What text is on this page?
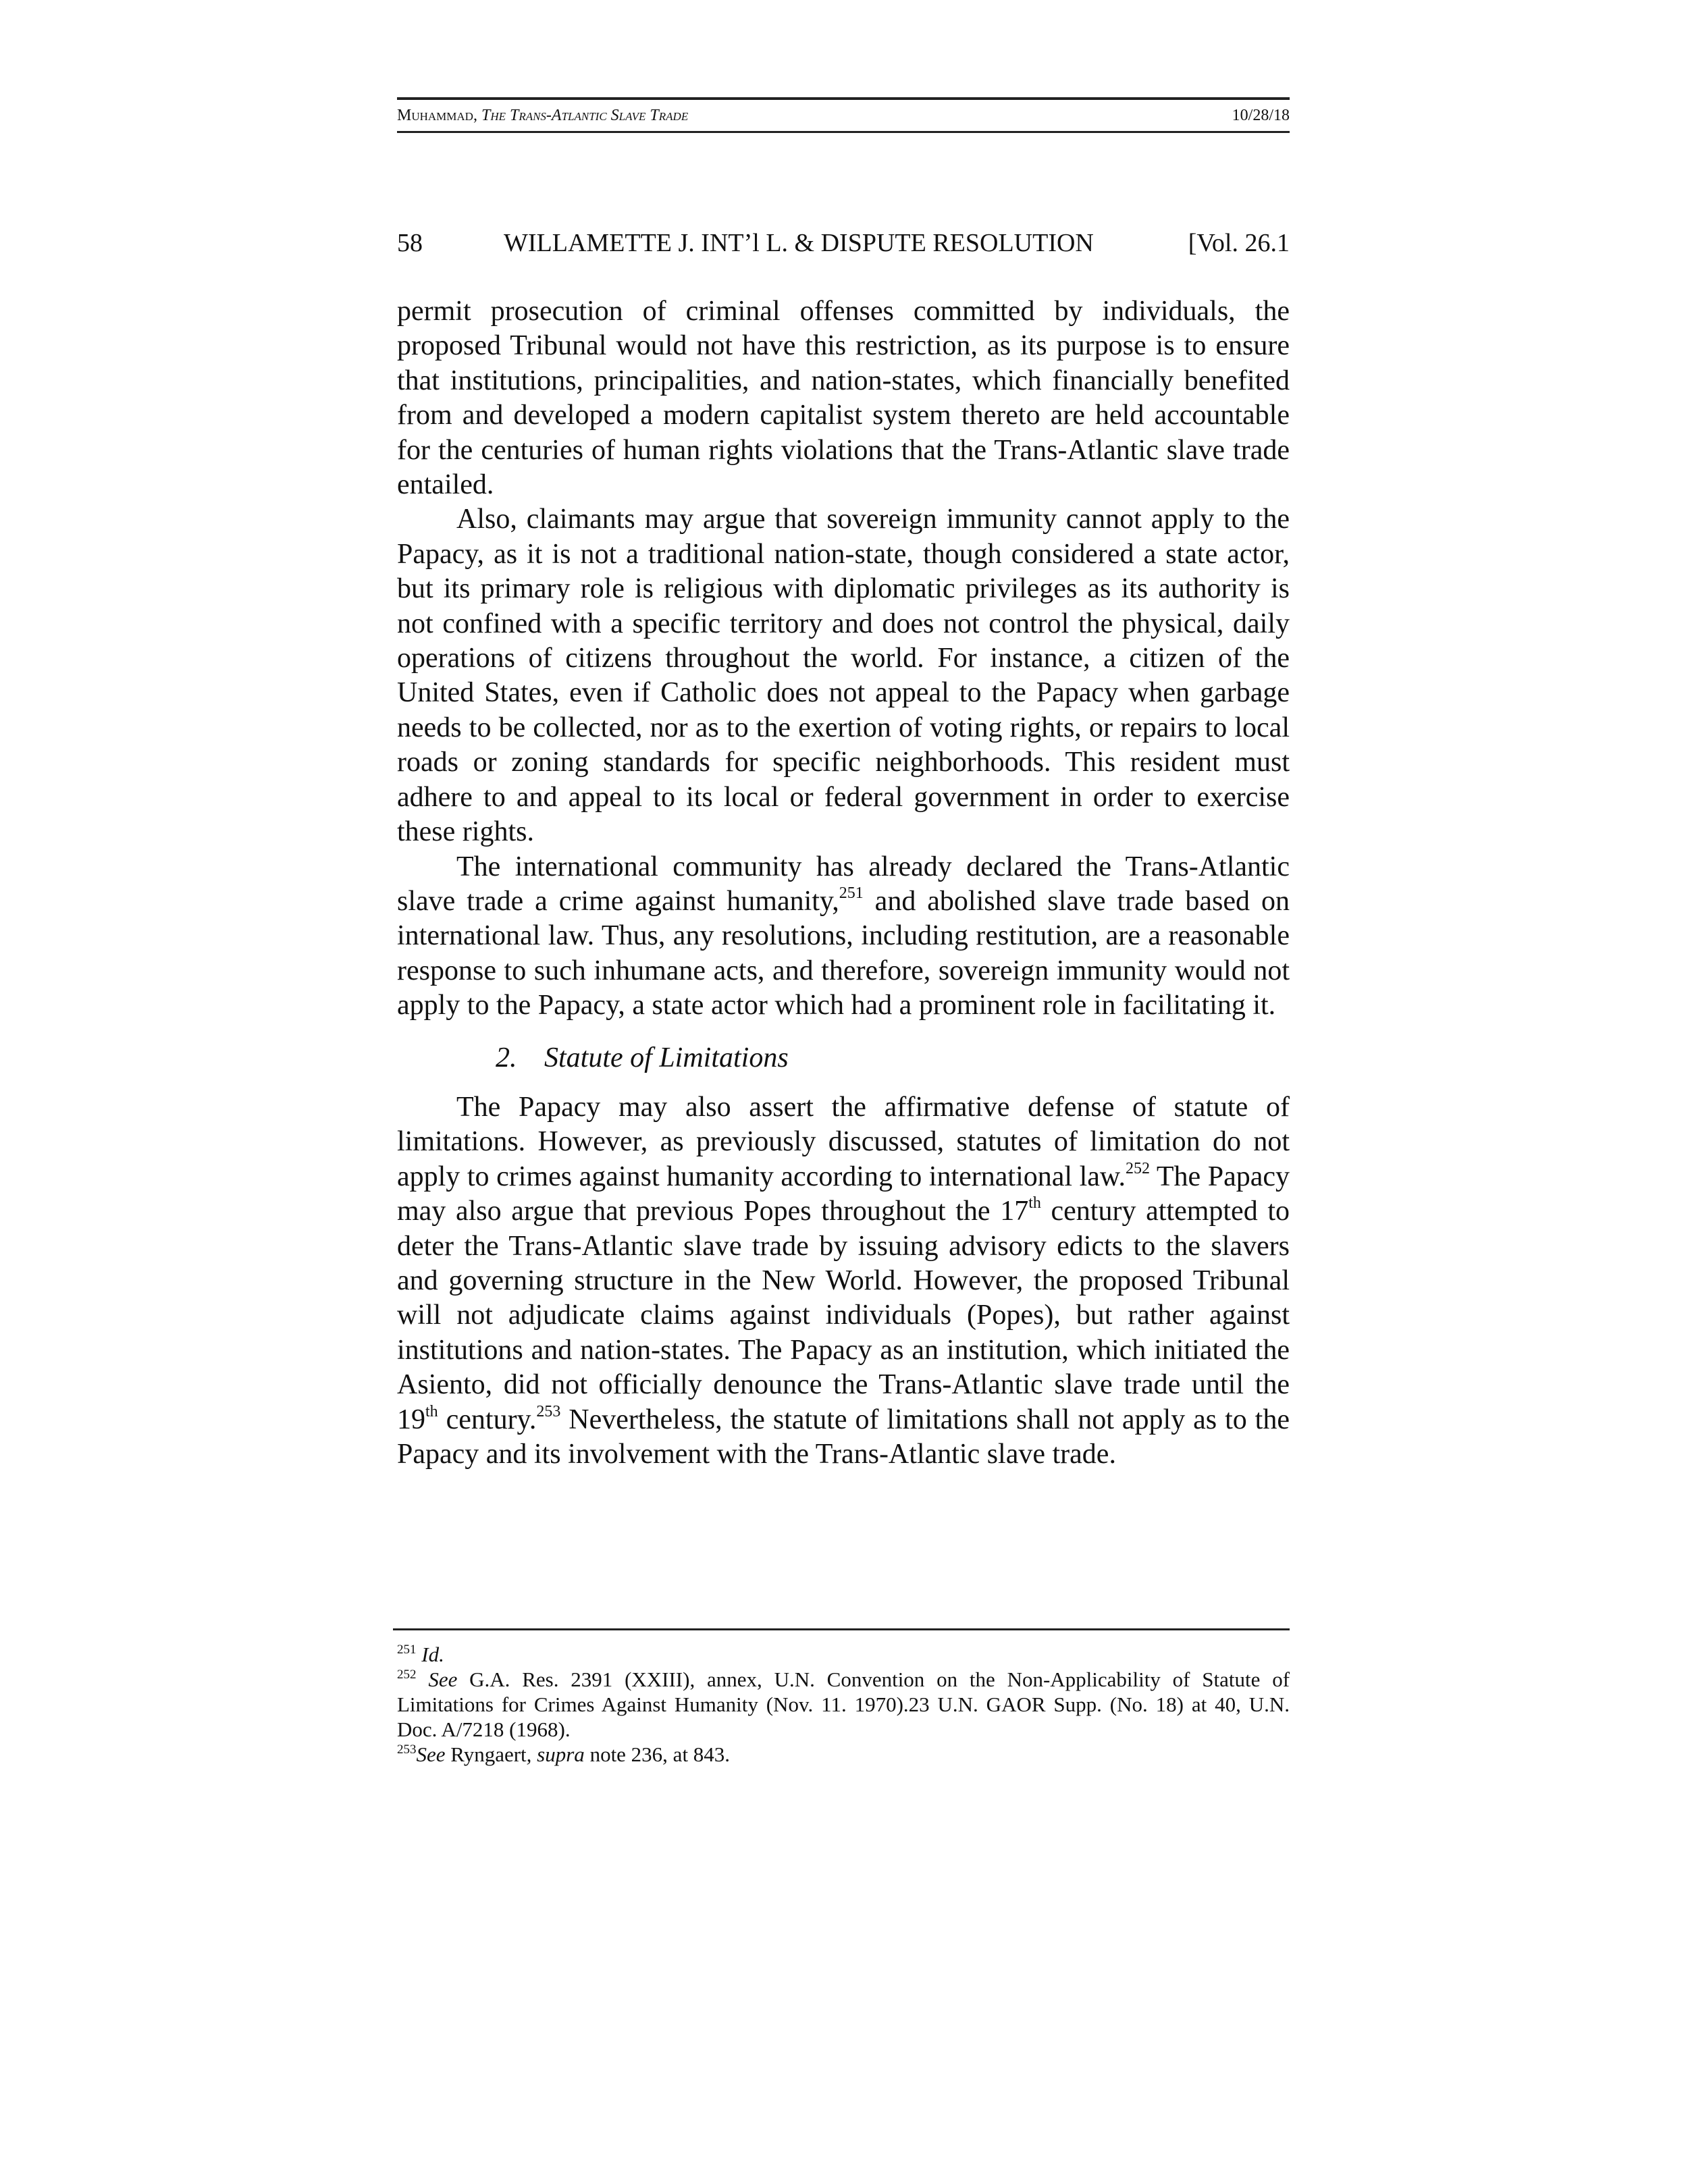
Muhammad, The Trans-Atlantic Slave Trade	10/28/18
58	WILLAMETTE J. INT’l L. & DISPUTE RESOLUTION	[Vol. 26.1

permit prosecution of criminal offenses committed by individuals, the proposed Tribunal would not have this restriction, as its purpose is to ensure that institutions, principalities, and nation-states, which financially benefited from and developed a modern capitalist system thereto are held accountable for the centuries of human rights violations that the Trans-Atlantic slave trade entailed.

Also, claimants may argue that sovereign immunity cannot apply to the Papacy, as it is not a traditional nation-state, though considered a state actor, but its primary role is religious with diplomatic privileges as its authority is not confined with a specific territory and does not control the physical, daily operations of citizens throughout the world. For instance, a citizen of the United States, even if Catholic does not appeal to the Papacy when garbage needs to be collected, nor as to the exertion of voting rights, or repairs to local roads or zoning standards for specific neighborhoods. This resident must adhere to and appeal to its local or federal government in order to exercise these rights.

The international community has already declared the Trans-Atlantic slave trade a crime against humanity,$^{251}$ and abolished slave trade based on international law. Thus, any resolutions, including restitution, are a reasonable response to such inhumane acts, and therefore, sovereign immunity would not apply to the Papacy, a state actor which had a prominent role in facilitating it.

2. Statute of Limitations

The Papacy may also assert the affirmative defense of statute of limitations. However, as previously discussed, statutes of limitation do not apply to crimes against humanity according to international law.$^{252}$ The Papacy may also argue that previous Popes throughout the 17th century attempted to deter the Trans-Atlantic slave trade by issuing advisory edicts to the slavers and governing structure in the New World. However, the proposed Tribunal will not adjudicate claims against individuals (Popes), but rather against institutions and nation-states. The Papacy as an institution, which initiated the Asiento, did not officially denounce the Trans-Atlantic slave trade until the 19th century.$^{253}$ Nevertheless, the statute of limitations shall not apply as to the Papacy and its involvement with the Trans-Atlantic slave trade.

$^{251}$ Id.

$^{252}$ See G.A. Res. 2391 (XXIII), annex, U.N. Convention on the Non-Applicability of Statute of Limitations for Crimes Against Humanity (Nov. 11. 1970).23 U.N. GAOR Supp. (No. 18) at 40, U.N. Doc. A/7218 (1968).

$^{253}$See Ryngaert, supra note 236, at 843.
